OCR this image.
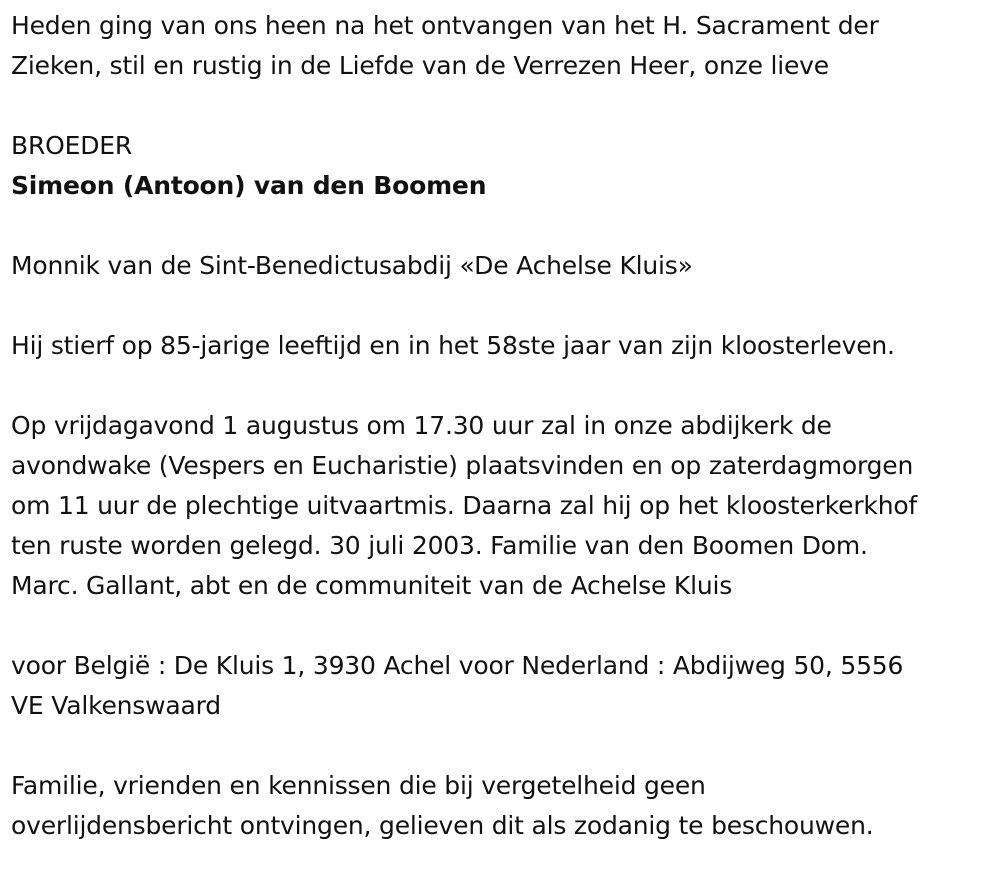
Heden ging van ons heen na het ontvangen van het H. Sacrament der
Zieken, stil en rustig in de Liefde van de Verrezen Heer, onze lieve
BROEDER
Simeon (Antoon) van den Boomen
Monnik van de Sint-Benedictusabdij «De Achelse Kluis»
Hij stierf op 85-jarige leeftijd en in het 58ste jaar van zijn kloosterleven.
Op vrijdagavond 1 augustus om 17.30 uur zal in onze abdijkerk de
avondwake (Vespers en Eucharistie) plaatsvinden en op zaterdagmorgen
om 11 uur de plechtige uitvaartmis. Daarna zal hij op het kloosterkerkhof
ten ruste worden gelegd. 30 juli 2003. Familie van den Boomen Dom.
Marc. Gallant, abt en de communiteit van de Achelse Kluis
voor België : De Kluis 1, 3930 Achel voor Nederland : Abdijweg 50, 5556
VE Valkenswaard
Familie, vrienden en kennissen die bij vergetelheid geen
overlijdensbericht ontvingen, gelieven dit als zodanig te beschouwen.
